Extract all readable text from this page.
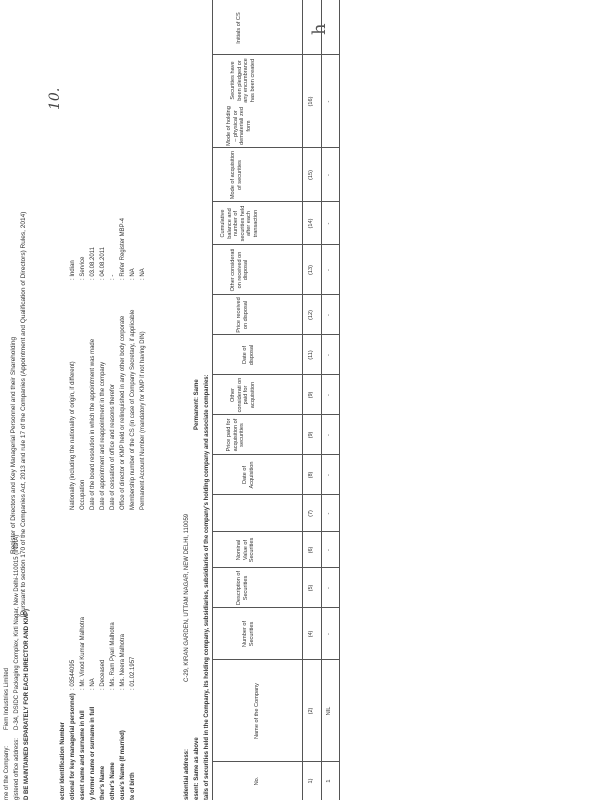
10.
Register of Directors and Key Managerial Personnel and their Shareholding [Pursuant to section 170 of the Companies Act, 2013 and rule 17 of the Companies (Appointment and Qualification of Directors) Rules, 2014)
me of the Company:
Fiem Industries Limited
gistered office address:
D-34, DSIDC Packaging Complex, Kirti Nagar, New Delhi-110015 (INDIA) D BE MAINTAINED SEPARATELY FOR EACH DIRECTOR AND KMP)	ector Identification Number otional for key managerial personnel)
: 03544095
esent name and surname in full
: Mr. Vinod Kumar Malhotra
y former name or surname in full
: NA
ther's Name
: Deceased
other's Name
: Ms. Ram Pyari Malhotra
ouse's Name (If married)
: Ms. Neera Malhotra
te of birth
: 01.02.1957
Nationality (including the nationality of origin, if different)
: Indian
Occupation
: Service
Date of the board resolution in which the appointment was made
: 03.08.2011
Date of appointment and reappointment in the company
: 04.08.2011
Date of cessation of office and reasons therefor
: -
Office of director or KMP held or relinquished in any other body corporate
: Refer Register MBP-4
Membership number of the CS (in case of Company Secretary, if applicable
: NA
Permanent Account Number (mandatory for KMP if not having DIN)
: NA
sidential address:
C-29, KIRAN GARDEN, UTTAM NAGAR, NEW DELHI, 110059
esent: Same as above
Permanent: Same tails of securities held in the Company, its holding company, subsidiaries, subsidiaries of the company's holding company and associate companies:	No.
Name of the Company
Number of Securities
Description of Securities
Nominal Value of Securities
Date of Acquisition
Price paid for acquisition of securities
Other considerati on paid for acquisition
Date of disposal
Price received on disposal
Other considerati on received on disposal
Cumulative balance and number of securities held after each transaction
Mode of acquisition of securities
Mode of holding – physical or demateriali zed form
Securities have been pledged or any encumbrance has been created
Initials of CS
1)
(2)
(4)
(5)
(6)
(7)
(8)
(9)
(9)
(11)
(12)
(13)
(14)
(15)
(16)
1
NIL
-
-
-
-
-
-
-
-
-
-
-
-
-
h
